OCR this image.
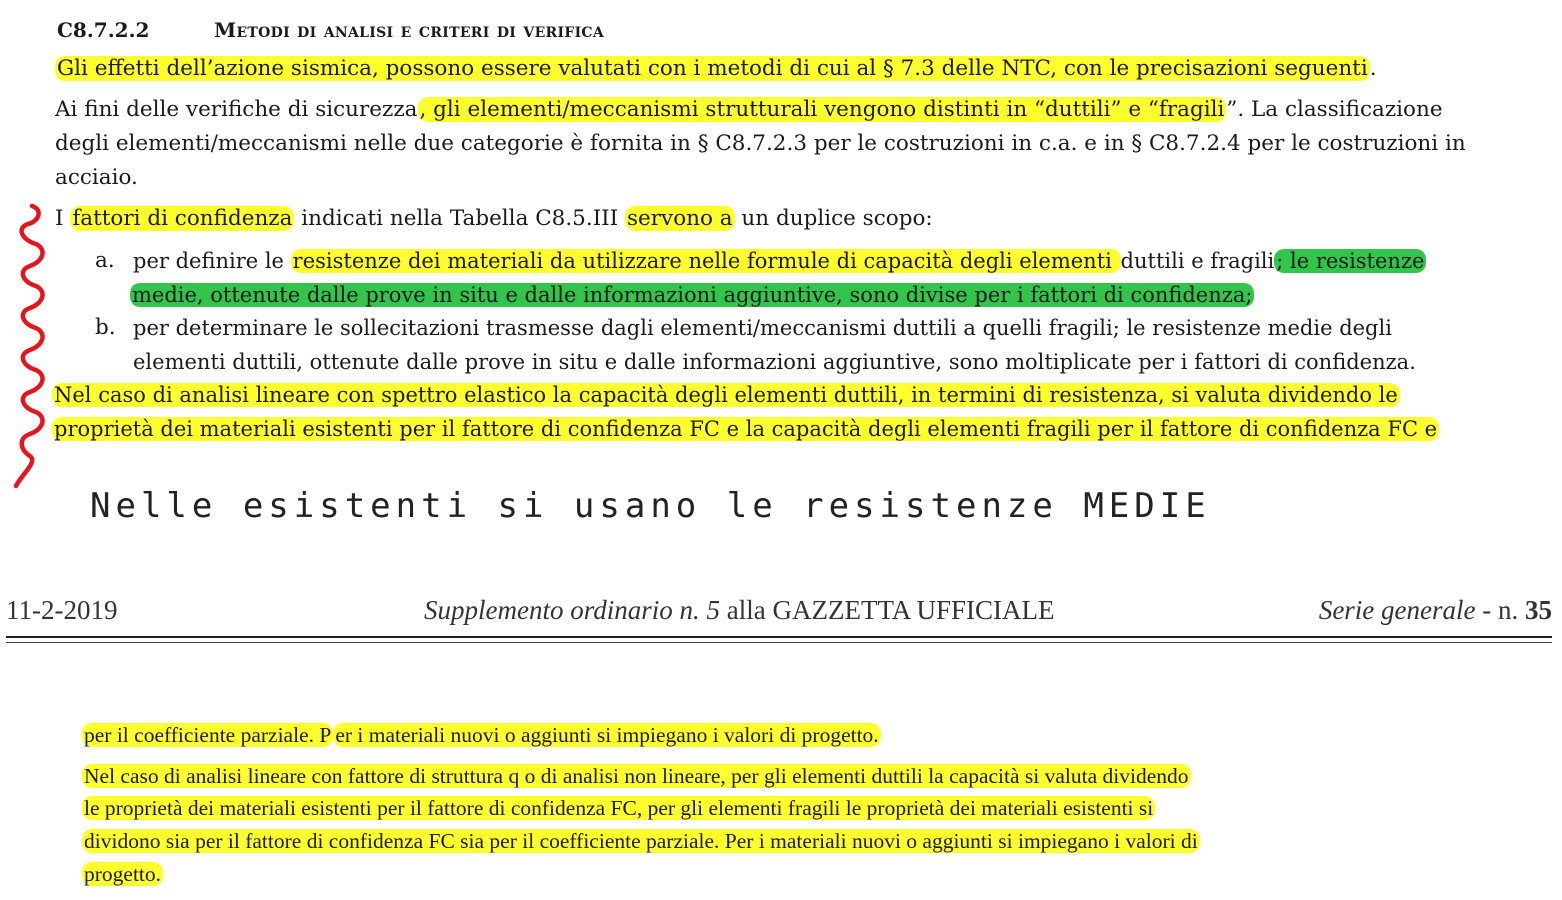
C8.7.2.2	Metodi di analisi e criteri di verifica
Gli effetti dell’azione sismica, possono essere valutati con i metodi di cui al § 7.3 delle NTC, con le precisazioni seguenti.
Ai fini delle verifiche di sicurezza, gli elementi/meccanismi strutturali vengono distinti in “duttili” e “fragili”. La classificazione
degli elementi/meccanismi nelle due categorie è fornita in § C8.7.2.3 per le costruzioni in c.a. e in § C8.7.2.4 per le costruzioni in
acciaio.
I fattori di confidenza indicati nella Tabella C8.5.III servono a un duplice scopo:
a. per definire le resistenze dei materiali da utilizzare nelle formule di capacità degli elementi duttili e fragili; le resistenze
medie, ottenute dalle prove in situ e dalle informazioni aggiuntive, sono divise per i fattori di confidenza;
b. per determinare le sollecitazioni trasmesse dagli elementi/meccanismi duttili a quelli fragili; le resistenze medie degli
elementi duttili, ottenute dalle prove in situ e dalle informazioni aggiuntive, sono moltiplicate per i fattori di confidenza.
Nel caso di analisi lineare con spettro elastico la capacità degli elementi duttili, in termini di resistenza, si valuta dividendo le
proprietà dei materiali esistenti per il fattore di confidenza FC e la capacità degli elementi fragili per il fattore di confidenza FC e
Nelle esistenti si usano le resistenze MEDIE
11-2-2019	Supplemento ordinario n. 5 alla GAZZETTA UFFICIALE	Serie generale - n. 35
per il coefficiente parziale. P er i materiali nuovi o aggiunti si impiegano i valori di progetto.
Nel caso di analisi lineare con fattore di struttura q o di analisi non lineare, per gli elementi duttili la capacità si valuta dividendo
le proprietà dei materiali esistenti per il fattore di confidenza FC, per gli elementi fragili le proprietà dei materiali esistenti si
dividono sia per il fattore di confidenza FC sia per il coefficiente parziale. Per i materiali nuovi o aggiunti si impiegano i valori di
progetto.
